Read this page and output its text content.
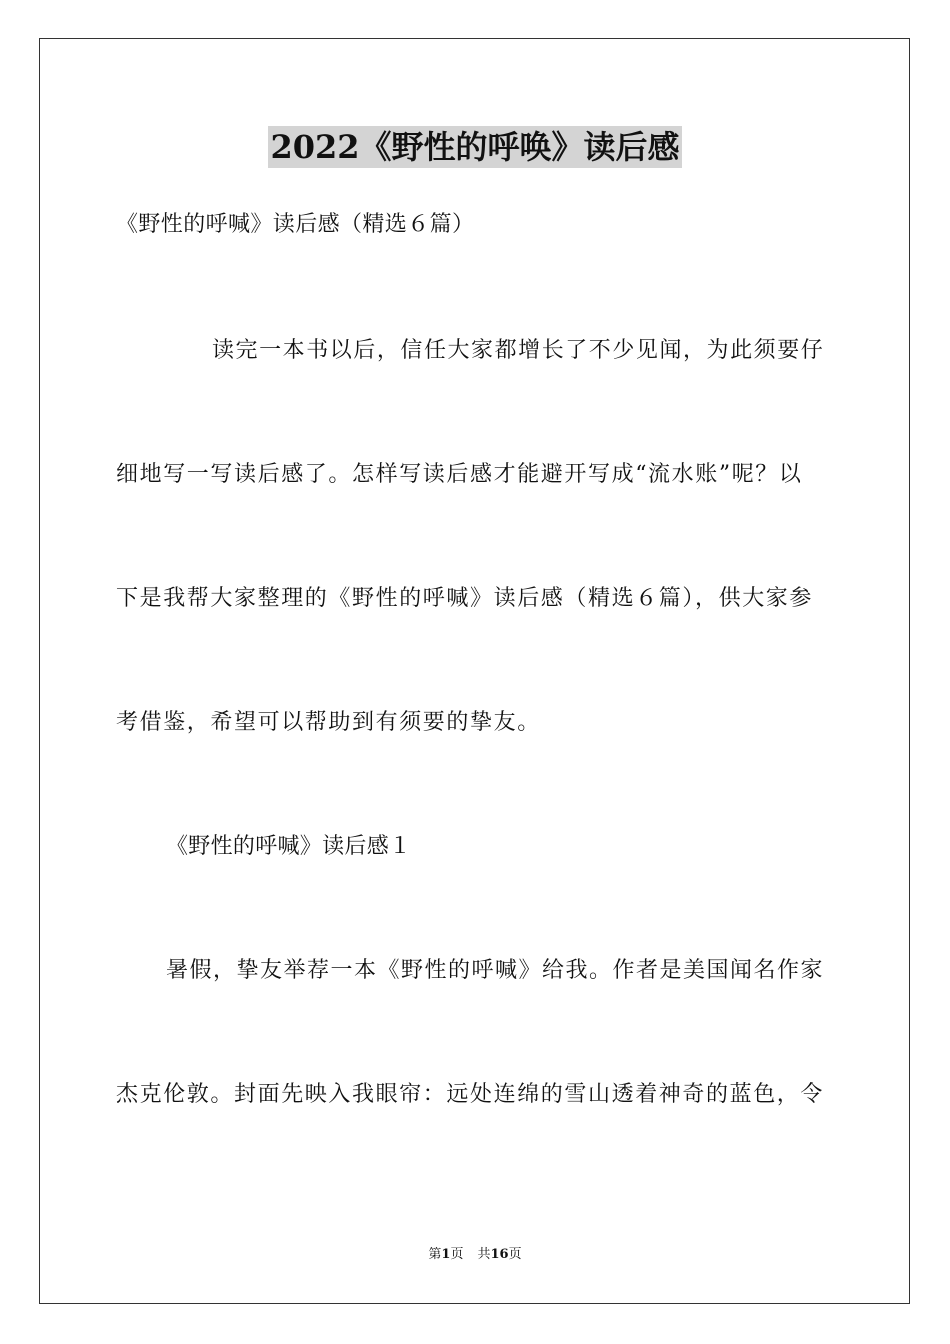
2022《野性的呼唤》读后感
《野性的呼喊》读后感（精选６篇）
读完一本书以后，信任大家都增长了不少见闻，为此须要仔
细地写一写读后感了。怎样写读后感才能避开写成“流水账”呢？以
下是我帮大家整理的《野性的呼喊》读后感（精选６篇），供大家参
考借鉴，希望可以帮助到有须要的挚友。
《野性的呼喊》读后感１
暑假，挚友举荐一本《野性的呼喊》给我。作者是美国闻名作家
杰克伦敦。封面先映入我眼帘：远处连绵的雪山透着神奇的蓝色，令
第1页 共16页
